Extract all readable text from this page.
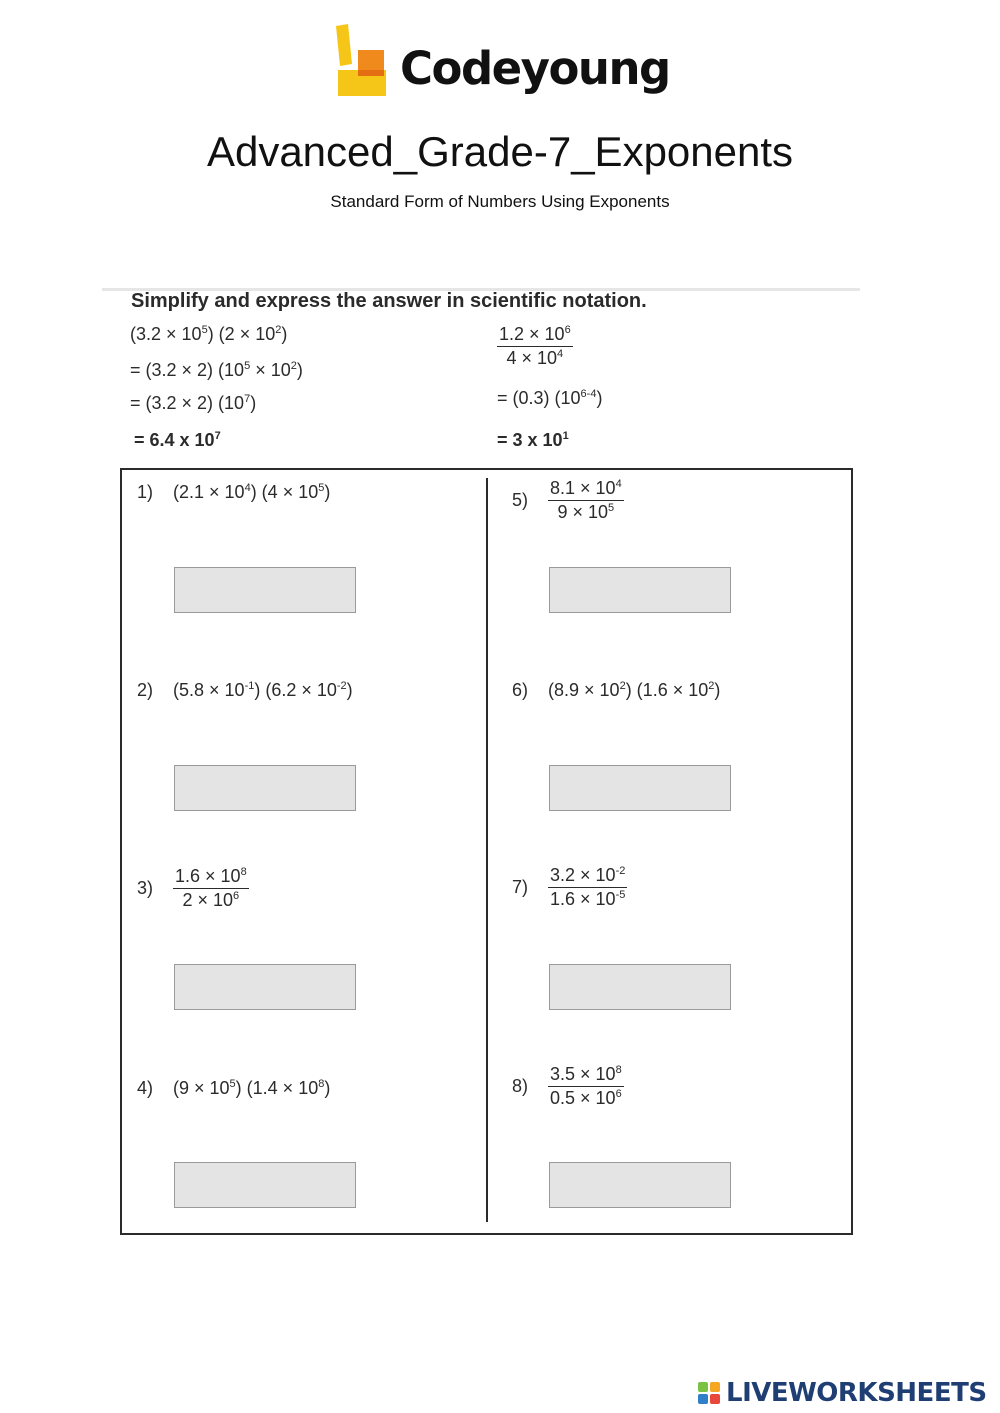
Codeyoung
Advanced_Grade-7_Exponents
Standard Form of Numbers Using Exponents
Simplify and express the answer in scientific notation.
$(3.2 \times 10^5)$ $(2 \times 10^2)$
= (3.2 × 2) $(10^5 \times 10^2)$
= (3.2 × 2) $(10^7)$
= 6.4 x $10^7$
$\frac{1.2 \times 10^6}{4 \times 10^4}$
= (0.3) $(10^{6-4})$
= 3 x $10^1$
1) $(2.1 \times 10^4)$ $(4 \times 10^5)$
2) $(5.8 \times 10^{-1})$ $(6.2 \times 10^{-2})$
$3) \frac{1.6 \times 10^8}{2 \times 10^6}$
4) $(9 \times 10^5)$ $(1.4 \times 10^8)$
$5) \frac{8.1 \times 10^4}{9 \times 10^5}$
6) $(8.9 \times 10^2)$ $(1.6 \times 10^2)$
$7) \frac{3.2 \times 10^{-2}}{1.6 \times 10^{-5}}$
$8) \frac{3.5 \times 10^8}{0.5 \times 10^6}$
LIVEWORKSHEETS
